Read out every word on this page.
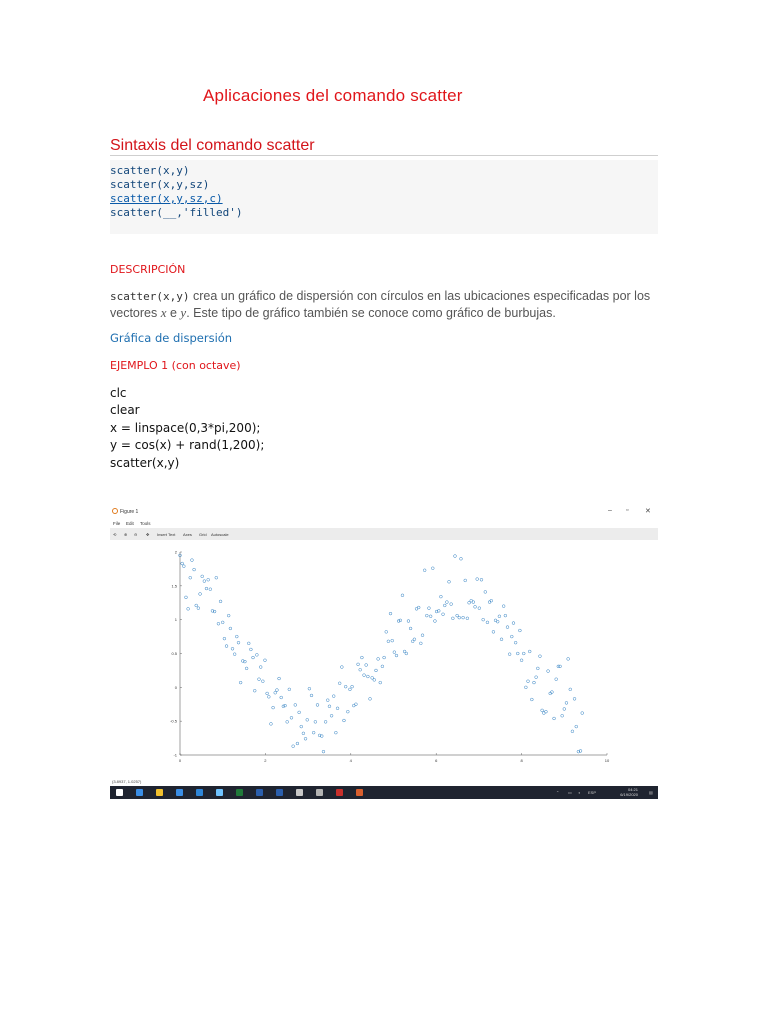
Aplicaciones del comando scatter
Sintaxis del comando scatter
scatter(x,y)
scatter(x,y,sz)
scatter(x,y,sz,c)
scatter(__,'filled')
DESCRIPCIÓN
scatter(x,y) crea un gráfico de dispersión con círculos en las ubicaciones especificadas por los vectores x e y. Este tipo de gráfico también se conoce como gráfico de burbujas.
Gráfica de dispersión
EJEMPLO 1 (con octave)
clc
clear
x = linspace(0,3*pi,200);
y = cos(x) + rand(1,200);
scatter(x,y)
Figure 1	– ▫ ✕
File Edit Tools
⟲ ⊕ ⊖ ✥ Insert Text Axes Grid Autoscale
0	2	4	6	8	10
2
1.5
1
0.5
0
-0.5
-1
(3.8937, 1.0257)
⌃ ▭ ◖ ESP
04:21
6/19/2020	▤
